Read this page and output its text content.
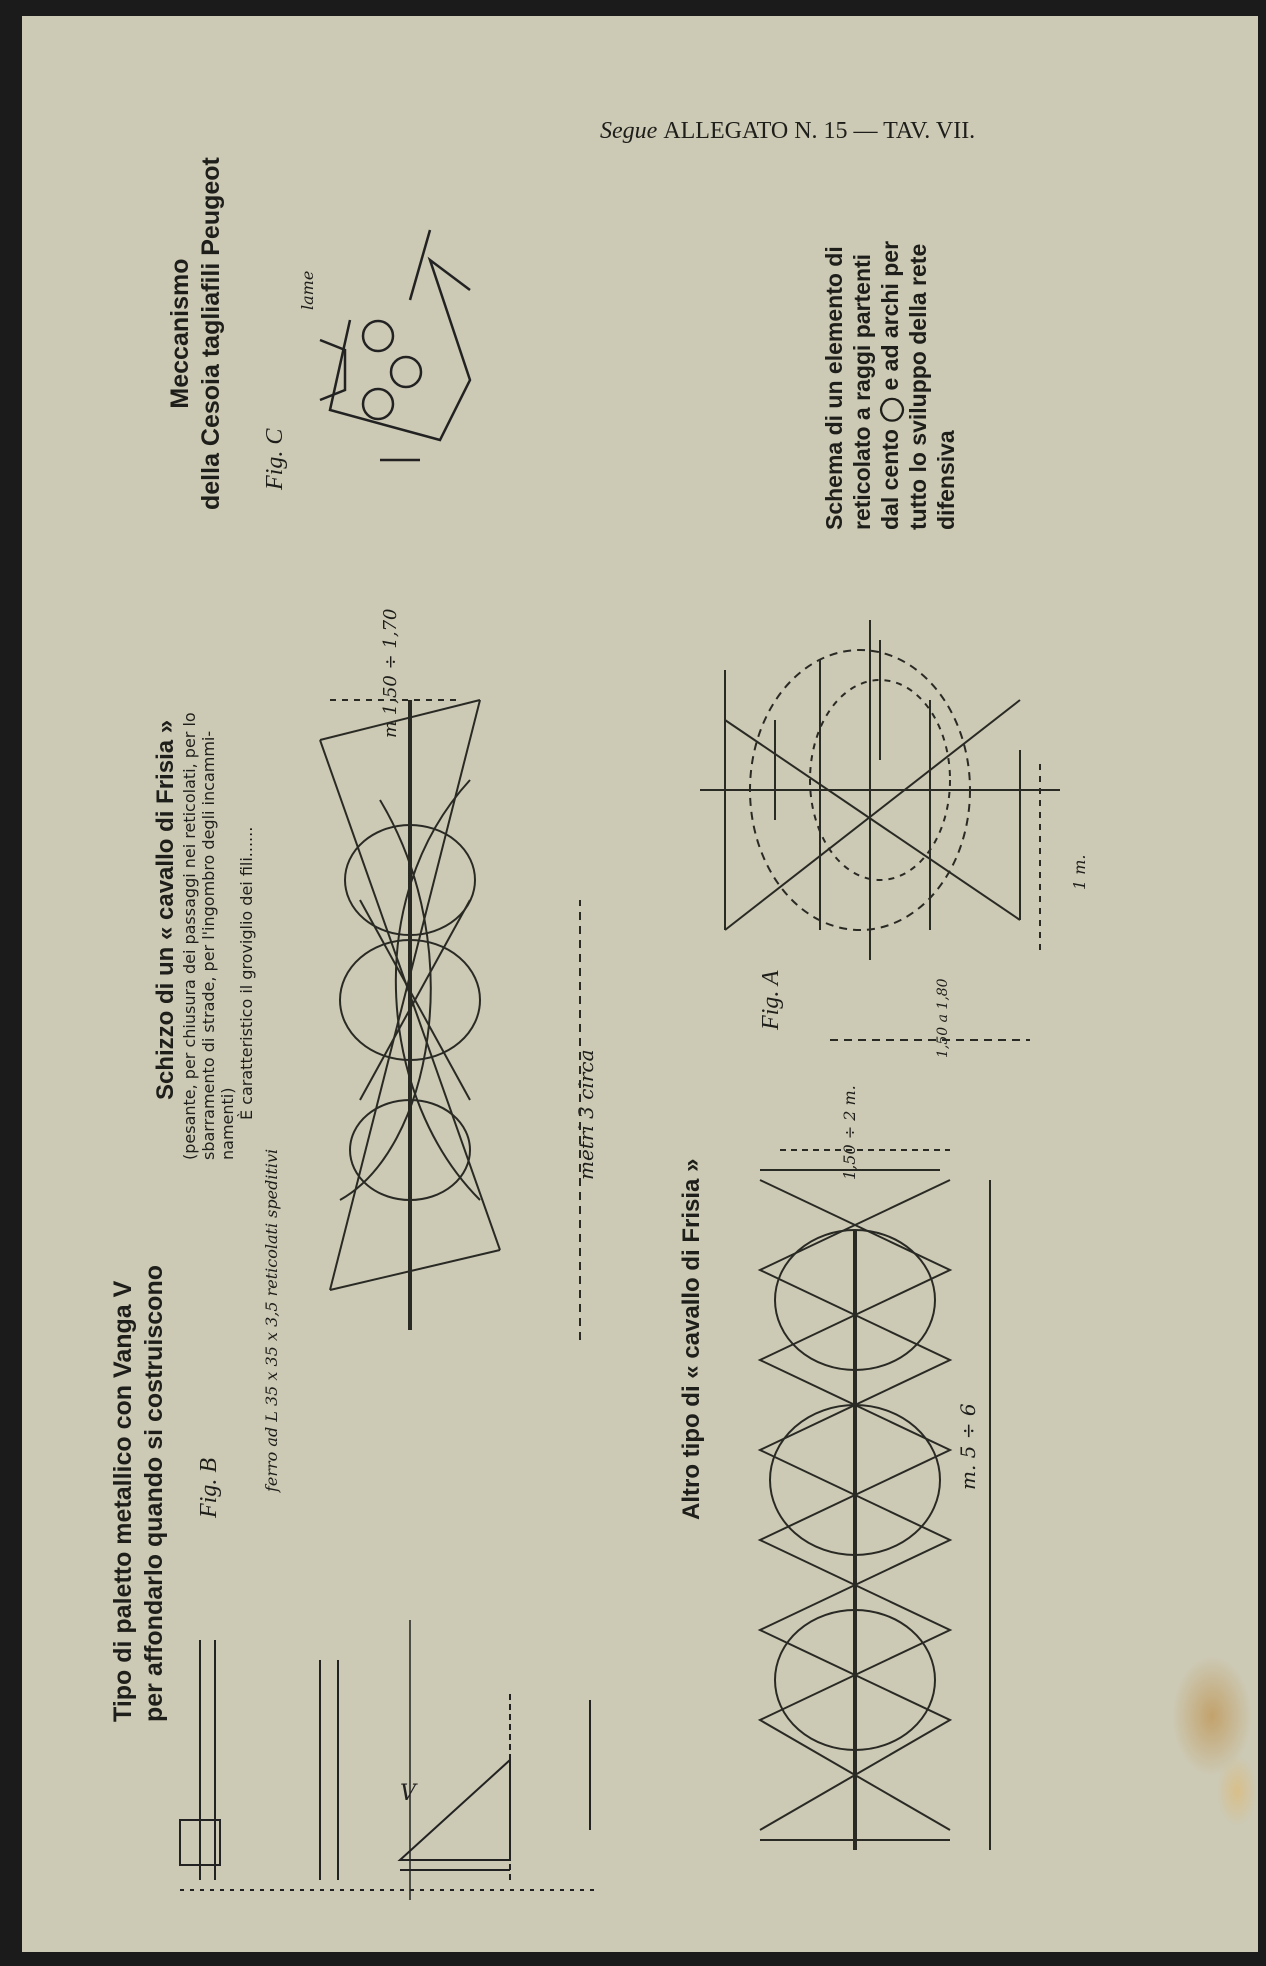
Segue ALLEGATO N. 15 — TAV. VII.
Tipo di paletto metallico con Vanga V per affondarlo quando si costruiscono Fig. B	ferro ad L 35 x 35 x 3,5 reticolati speditivi
Schizzo di un « cavallo di Frisia » (pesante, per chiusura dei passaggi nei reticolati, per lo sbarramento di strade, per l'ingombro degli incammi- namenti)
È caratteristico il groviglio dei fili......	metri 3 circa
m 1,50 ÷ 1,70
Meccanismo della Cesoia tagliafili Peugeot Fig. C
lame
Altro tipo di « cavallo di Frisia »	m. 5 ÷ 6
1,50 ÷ 2 m.
Fig. A	1,50 a 1,80
1 m.
Schema di un elemento di reticolato a raggi partenti dal cento ◯ e ad archi per tutto lo sviluppo della rete difensiva
V
